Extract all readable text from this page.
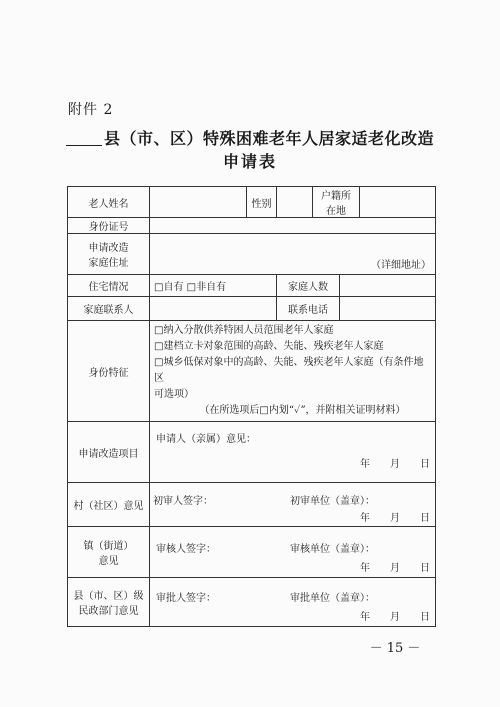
附件 2
县（市、区）特殊困难老年人居家适老化改造
申请表
老人姓名		性别		户籍所在地		
身份证号						
申请改造
家庭住址	（详细地址）					
住宅情况	□自有 □非自有		家庭人数			
家庭联系人			联系电话			
身份特征	□纳入分散供养特困人员范围老年人家庭
□建档立卡对象范围的高龄、失能、残疾老年人家庭
□城乡低保对象中的高龄、失能、残疾老年人家庭（有条件地区
可选项）
（在所选项后□内划“✓”，并附相关证明材料）					

申请改造项目	申请人（亲属）意见：
年 月 日					

村（社区）意见	初审人签字： 初审单位（盖章）：
年 月 日					

镇（街道）
意见	审核人签字： 审核单位（盖章）：
年 月 日					

县（市、区）级
民政部门意见	审批人签字： 审批单位（盖章）：
年 月 日					
－ 15 －
